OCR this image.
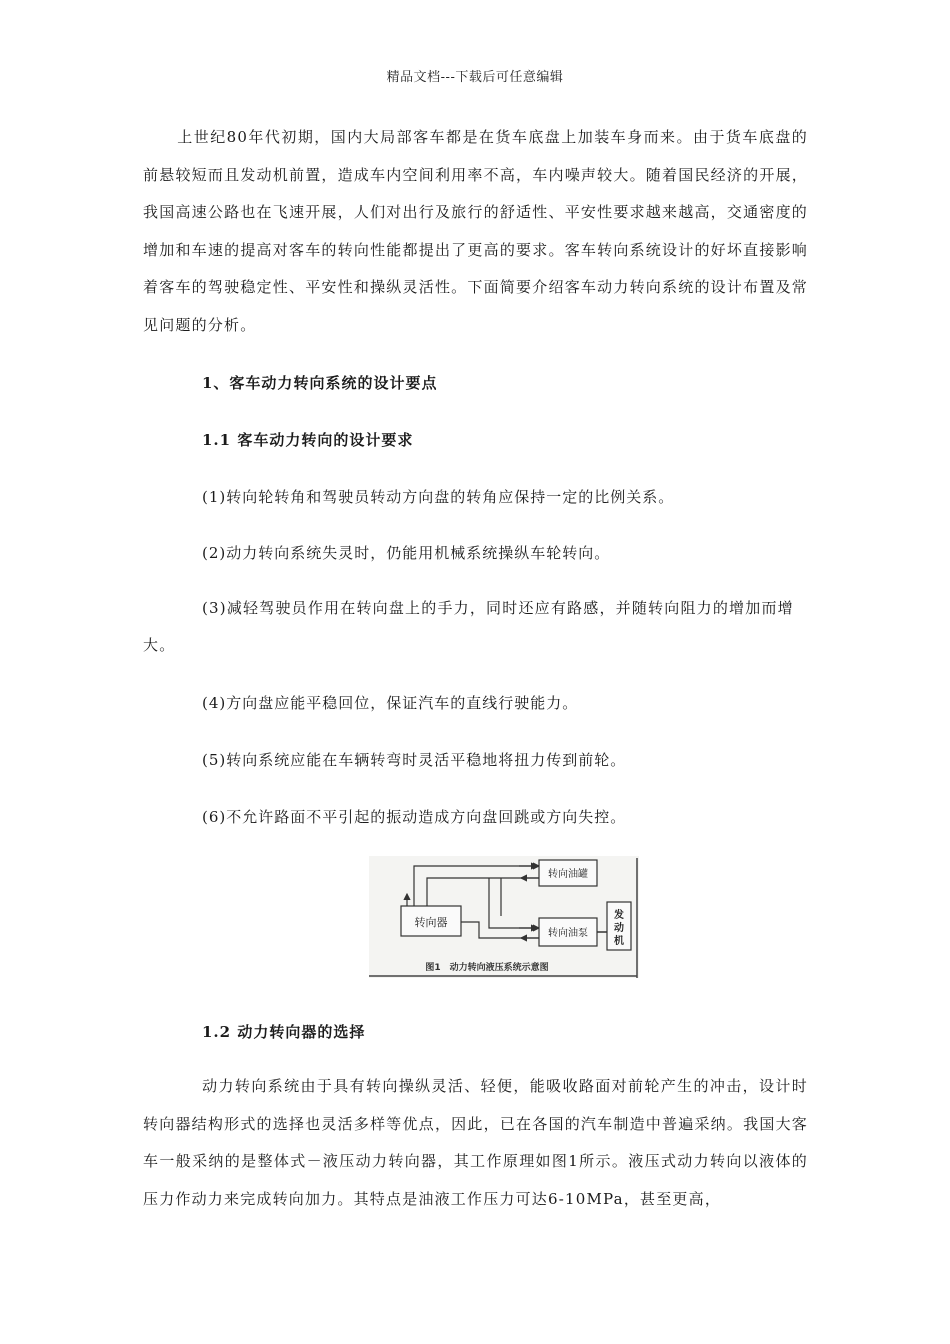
精品文档---下载后可任意编辑

上世纪80年代初期，国内大局部客车都是在货车底盘上加装车身而来。由于货车底盘的前悬较短而且发动机前置，造成车内空间利用率不高，车内噪声较大。随着国民经济的开展，我国高速公路也在飞速开展，人们对出行及旅行的舒适性、平安性要求越来越高，交通密度的增加和车速的提高对客车的转向性能都提出了更高的要求。客车转向系统设计的好坏直接影响着客车的驾驶稳定性、平安性和操纵灵活性。下面简要介绍客车动力转向系统的设计布置及常见问题的分析。

1、客车动力转向系统的设计要点

1.1 客车动力转向的设计要求

(1)转向轮转角和驾驶员转动方向盘的转角应保持一定的比例关系。

(2)动力转向系统失灵时，仍能用机械系统操纵车轮转向。

(3)减轻驾驶员作用在转向盘上的手力，同时还应有路感，并随转向阻力的增加而增大。

(4)方向盘应能平稳回位，保证汽车的直线行驶能力。

(5)转向系统应能在车辆转弯时灵活平稳地将扭力传到前轮。

(6)不允许路面不平引起的振动造成方向盘回跳或方向失控。

转向器
转向油罐
转向油泵
发
动
机
图1　动力转向液压系统示意图

1.2 动力转向器的选择

动力转向系统由于具有转向操纵灵活、轻便，能吸收路面对前轮产生的冲击，设计时转向器结构形式的选择也灵活多样等优点，因此，已在各国的汽车制造中普遍采纳。我国大客车一般采纳的是整体式－液压动力转向器，其工作原理如图1所示。液压式动力转向以液体的压力作动力来完成转向加力。其特点是油液工作压力可达6-10MPa，甚至更高，
